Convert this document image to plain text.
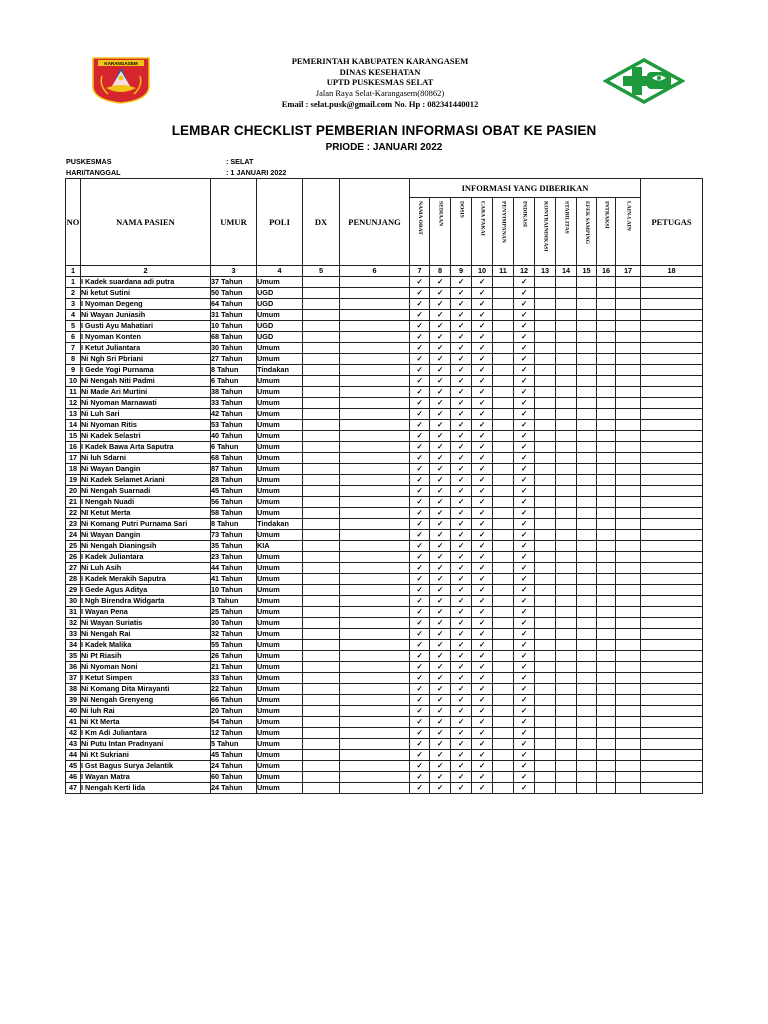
KARANGASEM	PEMERINTAH KABUPATEN KARANGASEM
DINAS KESEHATAN
UPTD PUSKESMAS SELAT
Jalan Raya Selat-Karangasem(80862)
Email : selat.pusk@gmail.com No. Hp : 082341440012
LEMBAR CHECKLIST PEMBERIAN INFORMASI OBAT KE PASIEN
PRIODE : JANUARI 2022
PUSKESMAS	: SELAT
HARI/TANGGAL	: 1 JANUARI 2022
NO	NAMA PASIEN	UMUR	POLI	DX	PENUNJANG	INFORMASI YANG DIBERIKAN											PETUGAS
						NAMA OBAT	SEDIAAN	DOSIS	CARA PAKAI	PENYIMPANAN	INDIKASI	KONTRAINDIKASI	STABILITAS	EFEK SAMPING	INTRAKSI	LAIN-LAIN	
1	2	3	4	5	6	7	8	9	10	11	12	13	14	15	16	17	18
1	I Kadek suardana adi putra	37 Tahun	Umum			✓	✓	✓	✓		✓						
2	Ni ketut Sutini	50 Tahun	UGD			✓	✓	✓	✓		✓						
3	I Nyoman Degeng	64 Tahun	UGD			✓	✓	✓	✓		✓						
4	Ni Wayan Juniasih	31 Tahun	Umum			✓	✓	✓	✓		✓						
5	I Gusti Ayu Mahatiari	10 Tahun	UGD			✓	✓	✓	✓		✓						
6	I Nyoman Konten	68 Tahun	UGD			✓	✓	✓	✓		✓						
7	I Ketut Juliantara	30 Tahun	Umum			✓	✓	✓	✓		✓						
8	Ni Ngh Sri Pbriani	27 Tahun	Umum			✓	✓	✓	✓		✓						
9	I Gede Yogi Purnama	8 Tahun	Tindakan			✓	✓	✓	✓		✓						
10	Ni Nengah Niti Padmi	6 Tahun	Umum			✓	✓	✓	✓		✓						
11	Ni Made Ari Murtini	38 Tahun	Umum			✓	✓	✓	✓		✓						
12	Ni Nyoman Marnawati	33 Tahun	Umum			✓	✓	✓	✓		✓						
13	Ni Luh Sari	42 Tahun	Umum			✓	✓	✓	✓		✓						
14	Ni Nyoman Ritis	53 Tahun	Umum			✓	✓	✓	✓		✓						
15	Ni Kadek Selastri	40 Tahun	Umum			✓	✓	✓	✓		✓						
16	I Kadek Bawa Arta Saputra	6 Tahun	Umum			✓	✓	✓	✓		✓						
17	Ni luh Sdarni	68 Tahun	Umum			✓	✓	✓	✓		✓						
18	Ni Wayan Dangin	87 Tahun	Umum			✓	✓	✓	✓		✓						
19	Ni Kadek Selamet Ariani	28 Tahun	Umum			✓	✓	✓	✓		✓						
20	Ni Nengah Suarnadi	45 Tahun	Umum			✓	✓	✓	✓		✓						
21	I Nengah Nuadi	56 Tahun	Umum			✓	✓	✓	✓		✓						
22	NI Ketut Merta	58 Tahun	Umum			✓	✓	✓	✓		✓						
23	Ni Komang Putri Purnama Sari	8 Tahun	Tindakan			✓	✓	✓	✓		✓						
24	Ni Wayan Dangin	73 Tahun	Umum			✓	✓	✓	✓		✓						
25	Ni Nengah Dianingsih	35 Tahun	KIA			✓	✓	✓	✓		✓						
26	I Kadek Juliantara	23 Tahun	Umum			✓	✓	✓	✓		✓						
27	Ni Luh Asih	44 Tahun	Umum			✓	✓	✓	✓		✓						
28	I Kadek Merakih Saputra	41 Tahun	Umum			✓	✓	✓	✓		✓						
29	I Gede Agus Aditya	10 Tahun	Umum			✓	✓	✓	✓		✓						
30	I Ngh Birendra Widgarta	3 Tahun	Umum			✓	✓	✓	✓		✓						
31	I Wayan Pena	25 Tahun	Umum			✓	✓	✓	✓		✓						
32	Ni Wayan Suriatis	30 Tahun	Umum			✓	✓	✓	✓		✓						
33	Ni Nengah Rai	32 Tahun	Umum			✓	✓	✓	✓		✓						
34	I Kadek Malika	55 Tahun	Umum			✓	✓	✓	✓		✓						
35	Ni Pt Riasih	26 Tahun	Umum			✓	✓	✓	✓		✓						
36	Ni Nyoman Noni	21 Tahun	Umum			✓	✓	✓	✓		✓						
37	I Ketut Simpen	33 Tahun	Umum			✓	✓	✓	✓		✓						
38	Ni Komang Dita Mirayanti	22 Tahun	Umum			✓	✓	✓	✓		✓						
39	Ni Nengah Grenyeng	66 Tahun	Umum			✓	✓	✓	✓		✓						
40	Ni luh Rai	20 Tahun	Umum			✓	✓	✓	✓		✓						
41	Ni Kt Merta	54 Tahun	Umum			✓	✓	✓	✓		✓						
42	I Km Adi Juliantara	12 Tahun	Umum			✓	✓	✓	✓		✓						
43	Ni Putu Intan Pradnyani	5 Tahun	Umum			✓	✓	✓	✓		✓						
44	Ni Kt Sukriani	45 Tahun	Umum			✓	✓	✓	✓		✓						
45	I Gst Bagus Surya Jelantik	24 Tahun	Umum			✓	✓	✓	✓		✓						
46	I Wayan Matra	60 Tahun	Umum			✓	✓	✓	✓		✓						
47	I Nengah Kerti lida	24 Tahun	Umum			✓	✓	✓	✓		✓						
